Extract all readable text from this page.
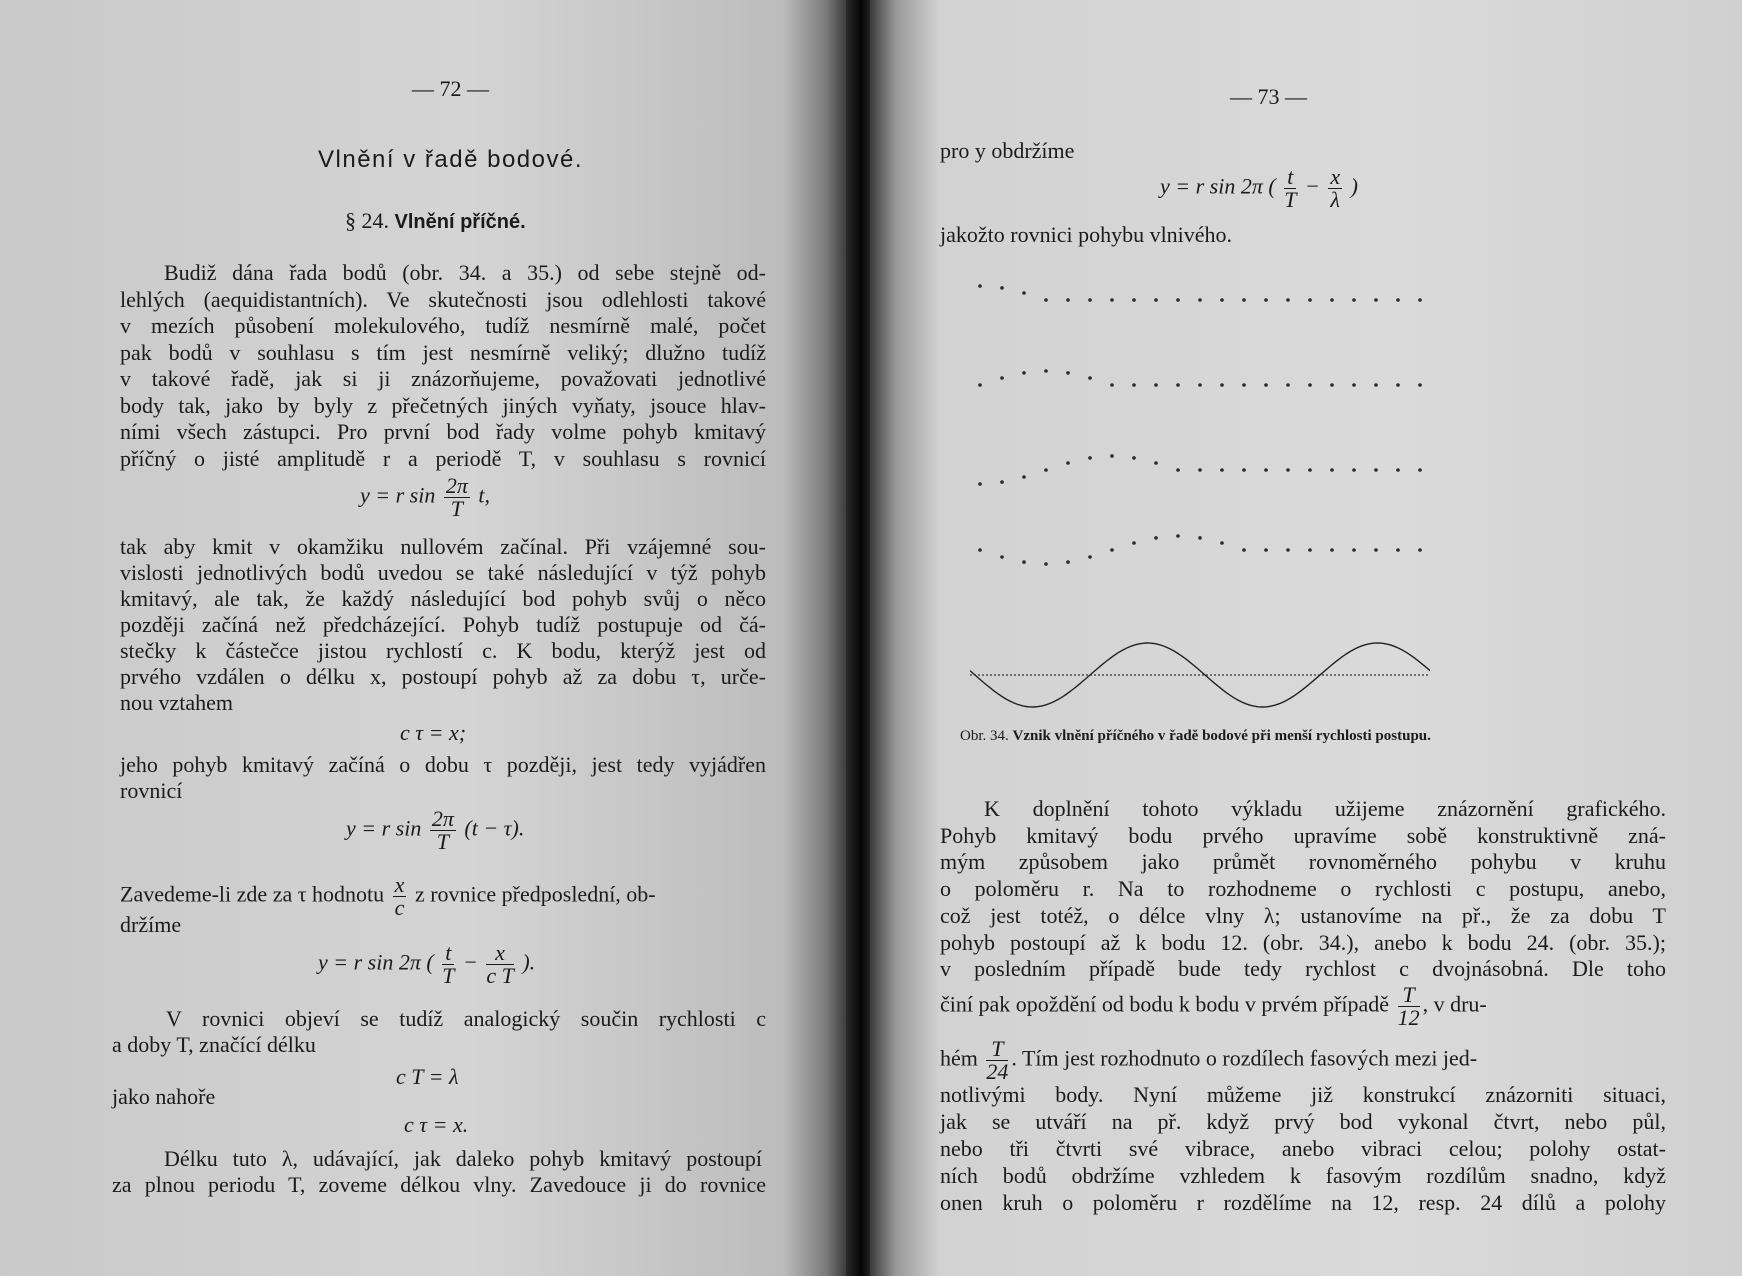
— 72 —
Vlnění v řadě bodové.
§ 24. Vlnění příčné.
Budiž dána řada bodů (obr. 34. a 35.) od sebe stejně od-
lehlých (aequidistantních). Ve skutečnosti jsou odlehlosti takové
v mezích působení molekulového, tudíž nesmírně malé, počet
pak bodů v souhlasu s tím jest nesmírně veliký; dlužno tudíž
v takové řadě, jak si ji znázorňujeme, považovati jednotlivé
body tak, jako by byly z přečetných jiných vyňaty, jsouce hlav-
ními všech zástupci. Pro první bod řady volme pohyb kmitavý
příčný o jisté amplitudě r a periodě T, v souhlasu s rovnicí
y = r $\sin \frac{2\pi}{T} t$,
tak aby kmit v okamžiku nullovém začínal. Při vzájemné sou-
vislosti jednotlivých bodů uvedou se také následující v týž pohyb
kmitavý, ale tak, že každý následující bod pohyb svůj o něco
později začíná než předcházející. Pohyb tudíž postupuje od čá-
stečky k částečce jistou rychlostí c. K bodu, kterýž jest od
prvého vzdálen o délku x, postoupí pohyb až za dobu τ, urče-
nou vztahem
c τ = x;
jeho pohyb kmitavý začíná o dobu τ později, jest tedy vyjádřen
rovnicí
y = r $\sin \frac{2\pi}{T} (t - \tau)$.
Zavedeme-li zde za τ hodnotu $\frac{x}{c}$ z rovnice předposlední, ob-
držíme
y = r sin 2π ( $\frac{t}{T} - \frac{x}{\text{c T}}$ ).
V rovnici objeví se tudíž analogický součin rychlosti c
a doby T, značící délku
c T = λ
jako nahoře
c τ = x.
Délku tuto λ, udávající, jak daleko pohyb kmitavý postoupí
za plnou periodu T, zoveme délkou vlny. Zavedouce ji do rovnice
— 73 —
pro y obdržíme
y = r sin 2π ( $\frac{t}{T} - \frac{x}{\lambda}$ )
jakožto rovnici pohybu vlnivého.
Obr. 34. Vznik vlnění příčného v řadě bodové při menší rychlosti postupu.
K doplnění tohoto výkladu užijeme znázornění grafického.
Pohyb kmitavý bodu prvého upravíme sobě konstruktivně zná-
mým způsobem jako průmět rovnoměrného pohybu v kruhu
o poloměru r. Na to rozhodneme o rychlosti c postupu, anebo,
což jest totéž, o délce vlny λ; ustanovíme na př., že za dobu T
pohyb postoupí až k bodu 12. (obr. 34.), anebo k bodu 24. (obr. 35.);
v posledním případě bude tedy rychlost c dvojnásobná. Dle toho
činí pak opoždění od bodu k bodu v prvém případě $\frac{T}{12}$ , v dru-
hém $\frac{T}{24}$ . Tím jest rozhodnuto o rozdílech fasových mezi jed-
notlivými body. Nyní můžeme již konstrukcí znázorniti situaci,
jak se utváří na př. když prvý bod vykonal čtvrt, nebo půl,
nebo tři čtvrti své vibrace, anebo vibraci celou; polohy ostat-
ních bodů obdržíme vzhledem k fasovým rozdílům snadno, když
onen kruh o poloměru r rozdělíme na 12, resp. 24 dílů a polohy
